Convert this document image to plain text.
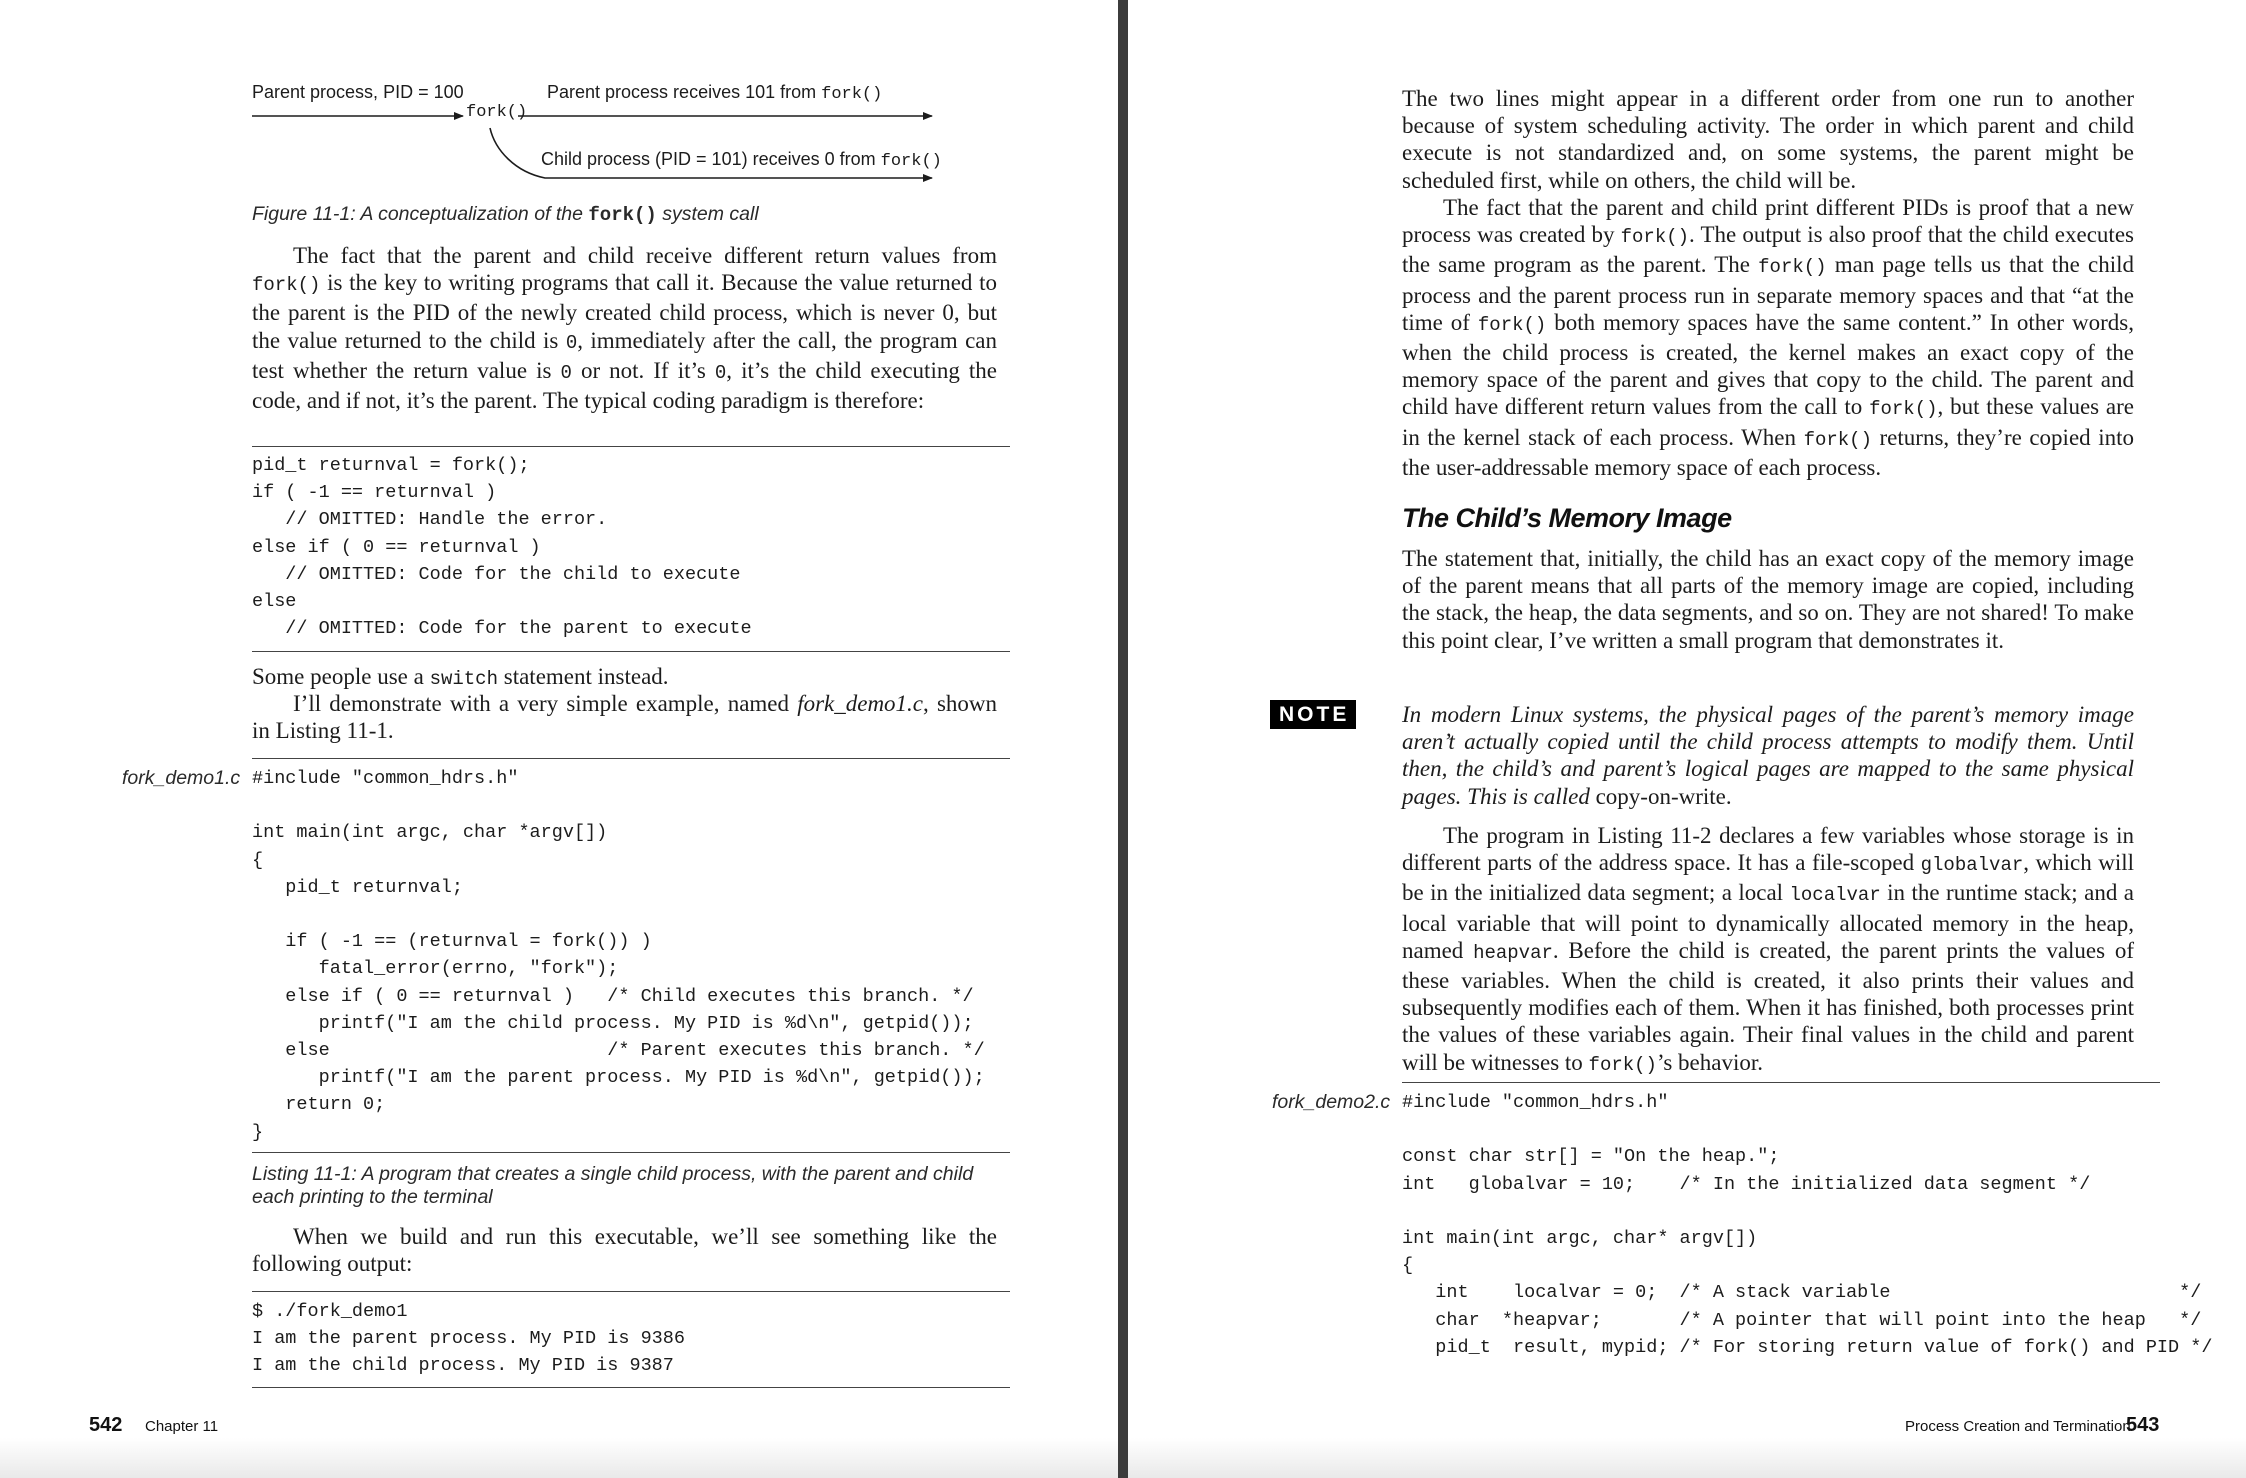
Parent process, PID = 100
fork()
Parent process receives 101 from fork()
Child process (PID = 101) receives 0 from fork()
Figure 11-1: A conceptualization of the fork() system call

The fact that the parent and child receive different return values from fork() is the key to writing programs that call it. Because the value returned to the parent is the PID of the newly created child process, which is never 0, but the value returned to the child is 0, immediately after the call, the program can test whether the return value is 0 or not. If it’s 0, it’s the child executing the code, and if not, it’s the parent. The typical coding paradigm is therefore:

pid_t returnval = fork();
if ( -1 == returnval )
// OMITTED: Handle the error.
else if ( 0 == returnval )
// OMITTED: Code for the child to execute
else
// OMITTED: Code for the parent to execute

Some people use a switch statement instead.

I’ll demonstrate with a very simple example, named fork_demo1.c, shown in Listing 11-1.

fork_demo1.c #include "common_hdrs.h"

int main(int argc, char *argv[])
{
pid_t returnval;

if ( -1 == (returnval = fork()) )
fatal_error(errno, "fork");
else if ( 0 == returnval )   /* Child executes this branch. */
printf("I am the child process. My PID is %d\n", getpid());
else                         /* Parent executes this branch. */
printf("I am the parent process. My PID is %d\n", getpid());
return 0;
}
Listing 11-1: A program that creates a single child process, with the parent and child each printing to the terminal

When we build and run this executable, we’ll see something like the following output:

$ ./fork_demo1
I am the parent process. My PID is 9386
I am the child process. My PID is 9387
542 Chapter 11

The two lines might appear in a different order from one run to another because of system scheduling activity. The order in which parent and child execute is not standardized and, on some systems, the parent might be scheduled first, while on others, the child will be.

The fact that the parent and child print different PIDs is proof that a new process was created by fork(). The output is also proof that the child executes the same program as the parent. The fork() man page tells us that the child process and the parent process run in separate memory spaces and that “at the time of fork() both memory spaces have the same content.” In other words, when the child process is created, the kernel makes an exact copy of the memory space of the parent and gives that copy to the child. The parent and child have different return values from the call to fork(), but these values are in the kernel stack of each process. When fork() returns, they’re copied into the user-addressable memory space of each process.

The Child’s Memory Image

The statement that, initially, the child has an exact copy of the memory image of the parent means that all parts of the memory image are copied, including the stack, the heap, the data segments, and so on. They are not shared! To make this point clear, I’ve written a small program that demonstrates it.

NOTE	In modern Linux systems, the physical pages of the parent’s memory image aren’t actually copied until the child process attempts to modify them. Until then, the child’s and parent’s logical pages are mapped to the same physical pages. This is called copy-on-write.

The program in Listing 11-2 declares a few variables whose storage is in different parts of the address space. It has a file-scoped globalvar, which will be in the initialized data segment; a local localvar in the runtime stack; and a local variable that will point to dynamically allocated memory in the heap, named heapvar. Before the child is created, the parent prints the values of these variables. When the child is created, it also prints their values and subsequently modifies each of them. When it has finished, both processes print the values of these variables again. Their final values in the child and parent will be witnesses to fork()’s behavior.

fork_demo2.c #include "common_hdrs.h"

const char str[] = "On the heap.";
int   globalvar = 10;    /* In the initialized data segment */

int main(int argc, char* argv[])
{
int    localvar = 0;  /* A stack variable                          */
char  *heapvar;       /* A pointer that will point into the heap   */
pid_t  result, mypid; /* For storing return value of fork() and PID */
Process Creation and Termination
543
